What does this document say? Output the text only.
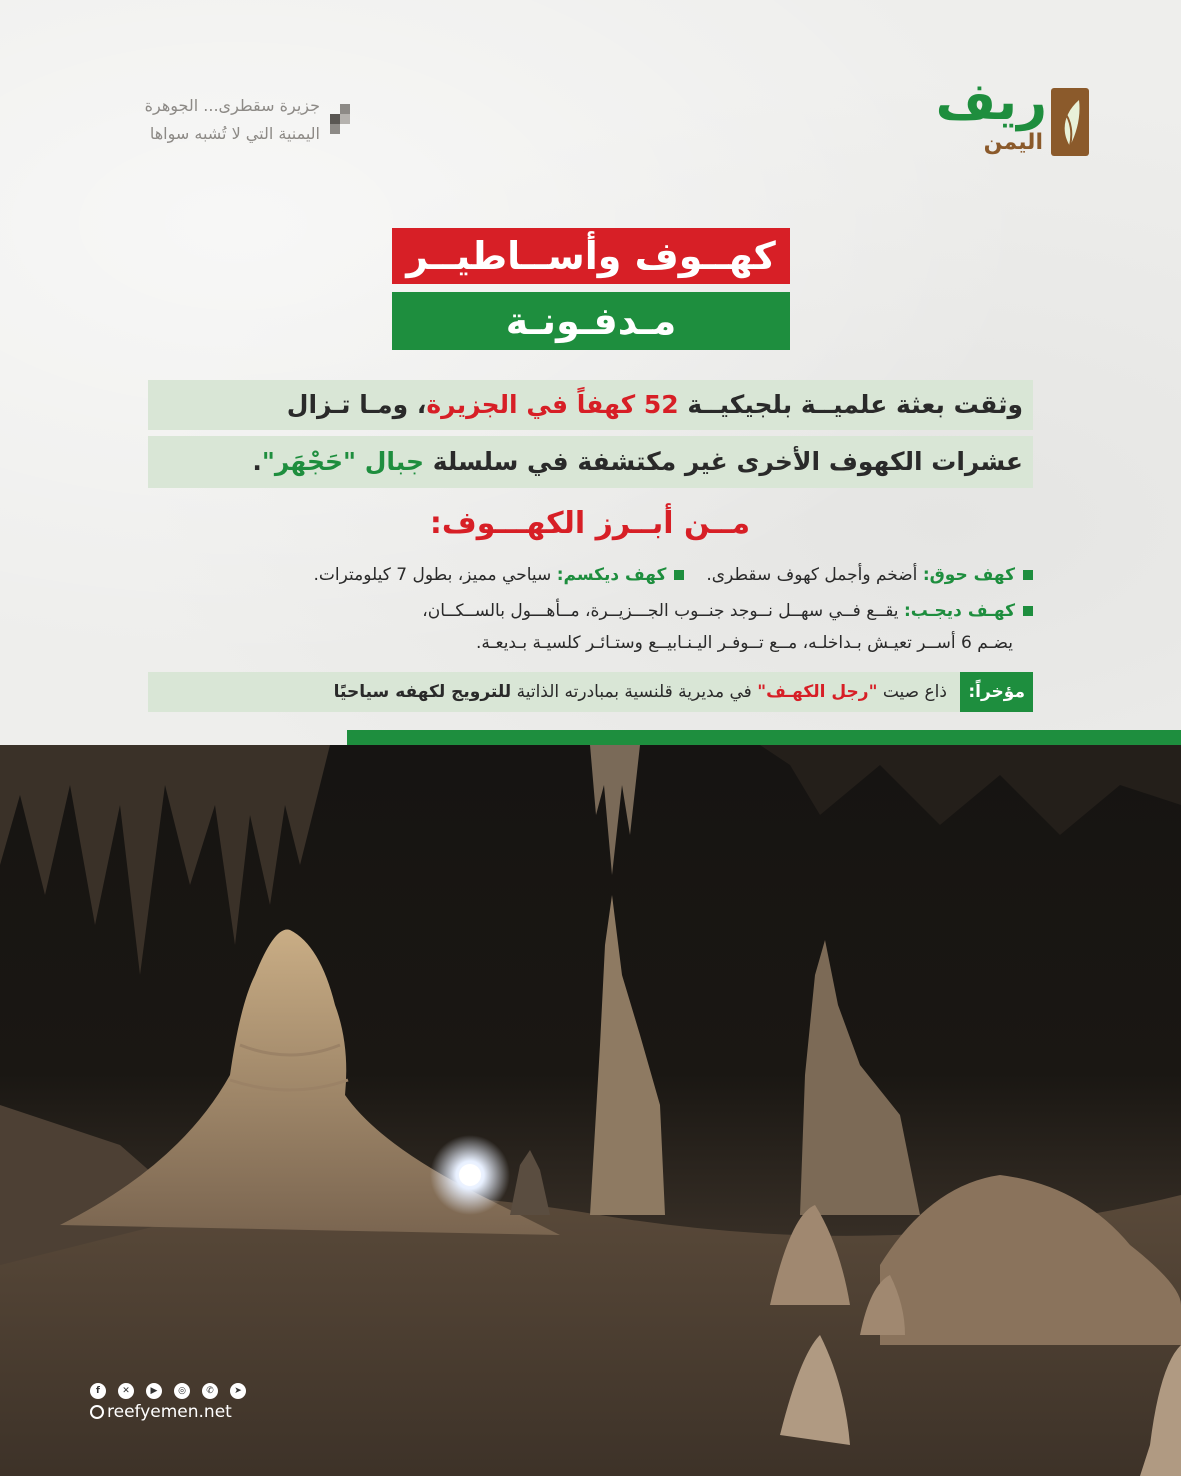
ريف
اليمن
جزيرة سقطرى... الجوهرة
اليمنية التي لا تُشبه سواها
كهــوف وأســاطيــر
مـدفـونـة
وثقت بعثة علميــة بلجيكيــة 52 كهفاً في الجزيرة، ومـا تـزال
عشرات الكهوف الأخرى غير مكتشفة في سلسلة جبال "حَجْهَر".
مــن أبــرز الكهـــوف:
كهف حوق: أضخم وأجمل كهوف سقطرى.كهف ديكسم: سياحي مميز، بطول 7 كيلومترات.
كهـف ديجـب: يقــع فــي سهــل نــوجد جنــوب الجـــزيــرة، مــأهـــول بالســكــان،
يضـم 6 أســر تعيـش بـداخلـه، مــع تــوفـر اليـنـابيــع وستـائـر كلسيـة بـديعـة.
مؤخراً: ذاع صيت "رجل الكهـف" في مديرية قلنسية بمبادرته الذاتية للترويج لكهفه سياحيًا
f	✕	▶	◎	✆	➤
reefyemen.net
